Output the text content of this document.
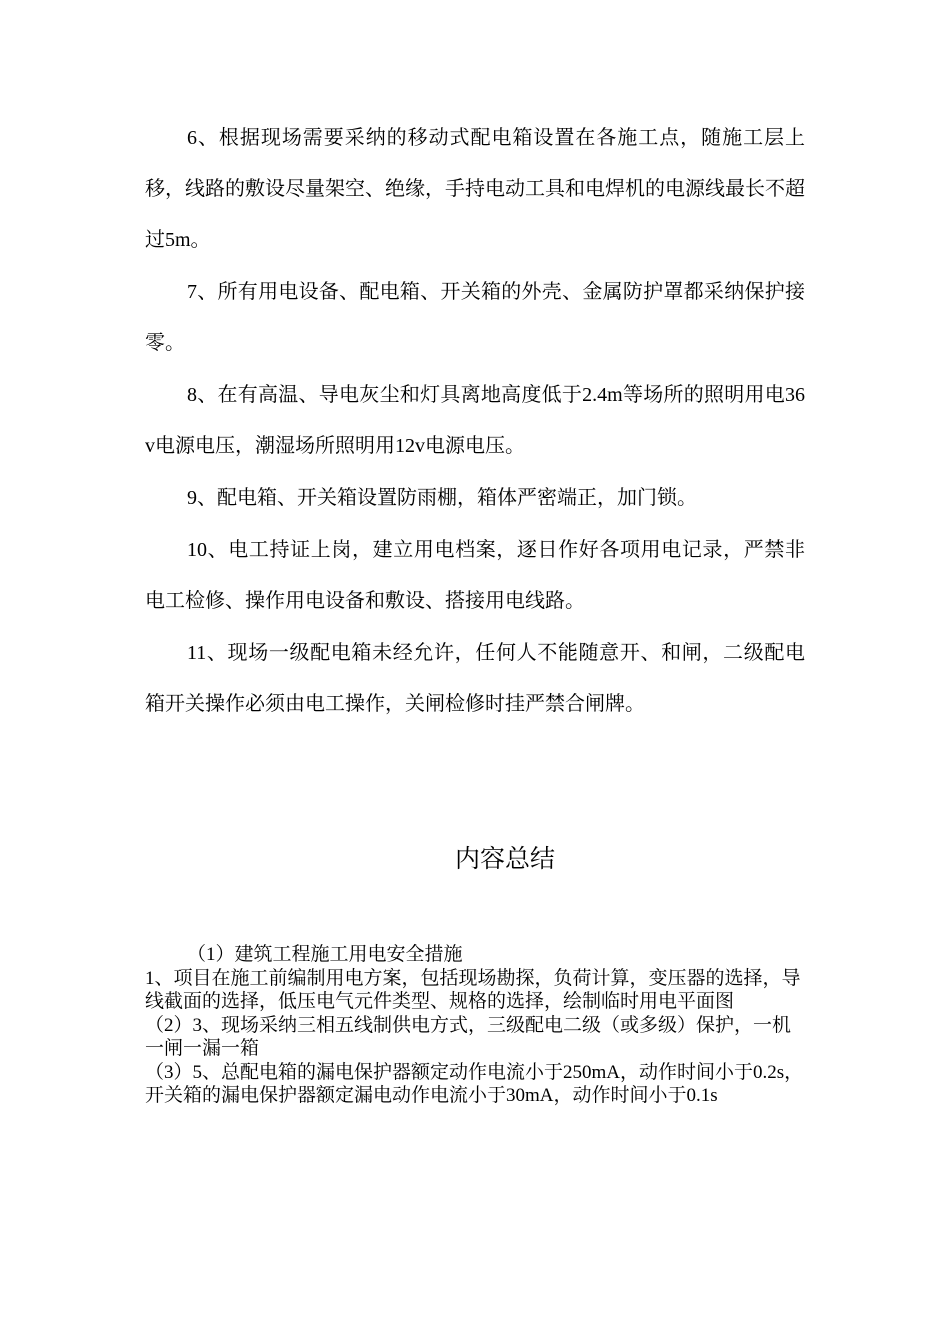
6、根据现场需要采纳的移动式配电箱设置在各施工点，随施工层上移，线路的敷设尽量架空、绝缘，手持电动工具和电焊机的电源线最长不超过5m。

7、所有用电设备、配电箱、开关箱的外壳、金属防护罩都采纳保护接零。

8、在有高温、导电灰尘和灯具离地高度低于2.4m等场所的照明用电36v电源电压，潮湿场所照明用12v电源电压。

9、配电箱、开关箱设置防雨棚，箱体严密端正，加门锁。

10、电工持证上岗，建立用电档案，逐日作好各项用电记录，严禁非电工检修、操作用电设备和敷设、搭接用电线路。

11、现场一级配电箱未经允许，任何人不能随意开、和闸，二级配电箱开关操作必须由电工操作，关闸检修时挂严禁合闸牌。

内容总结

（1）建筑工程施工用电安全措施

1、项目在施工前编制用电方案，包括现场勘探，负荷计算，变压器的选择，导线截面的选择，低压电气元件类型、规格的选择，绘制临时用电平面图

（2）3、现场采纳三相五线制供电方式，三级配电二级（或多级）保护，一机一闸一漏一箱

（3）5、总配电箱的漏电保护器额定动作电流小于250mA，动作时间小于0.2s，开关箱的漏电保护器额定漏电动作电流小于30mA，动作时间小于0.1s
